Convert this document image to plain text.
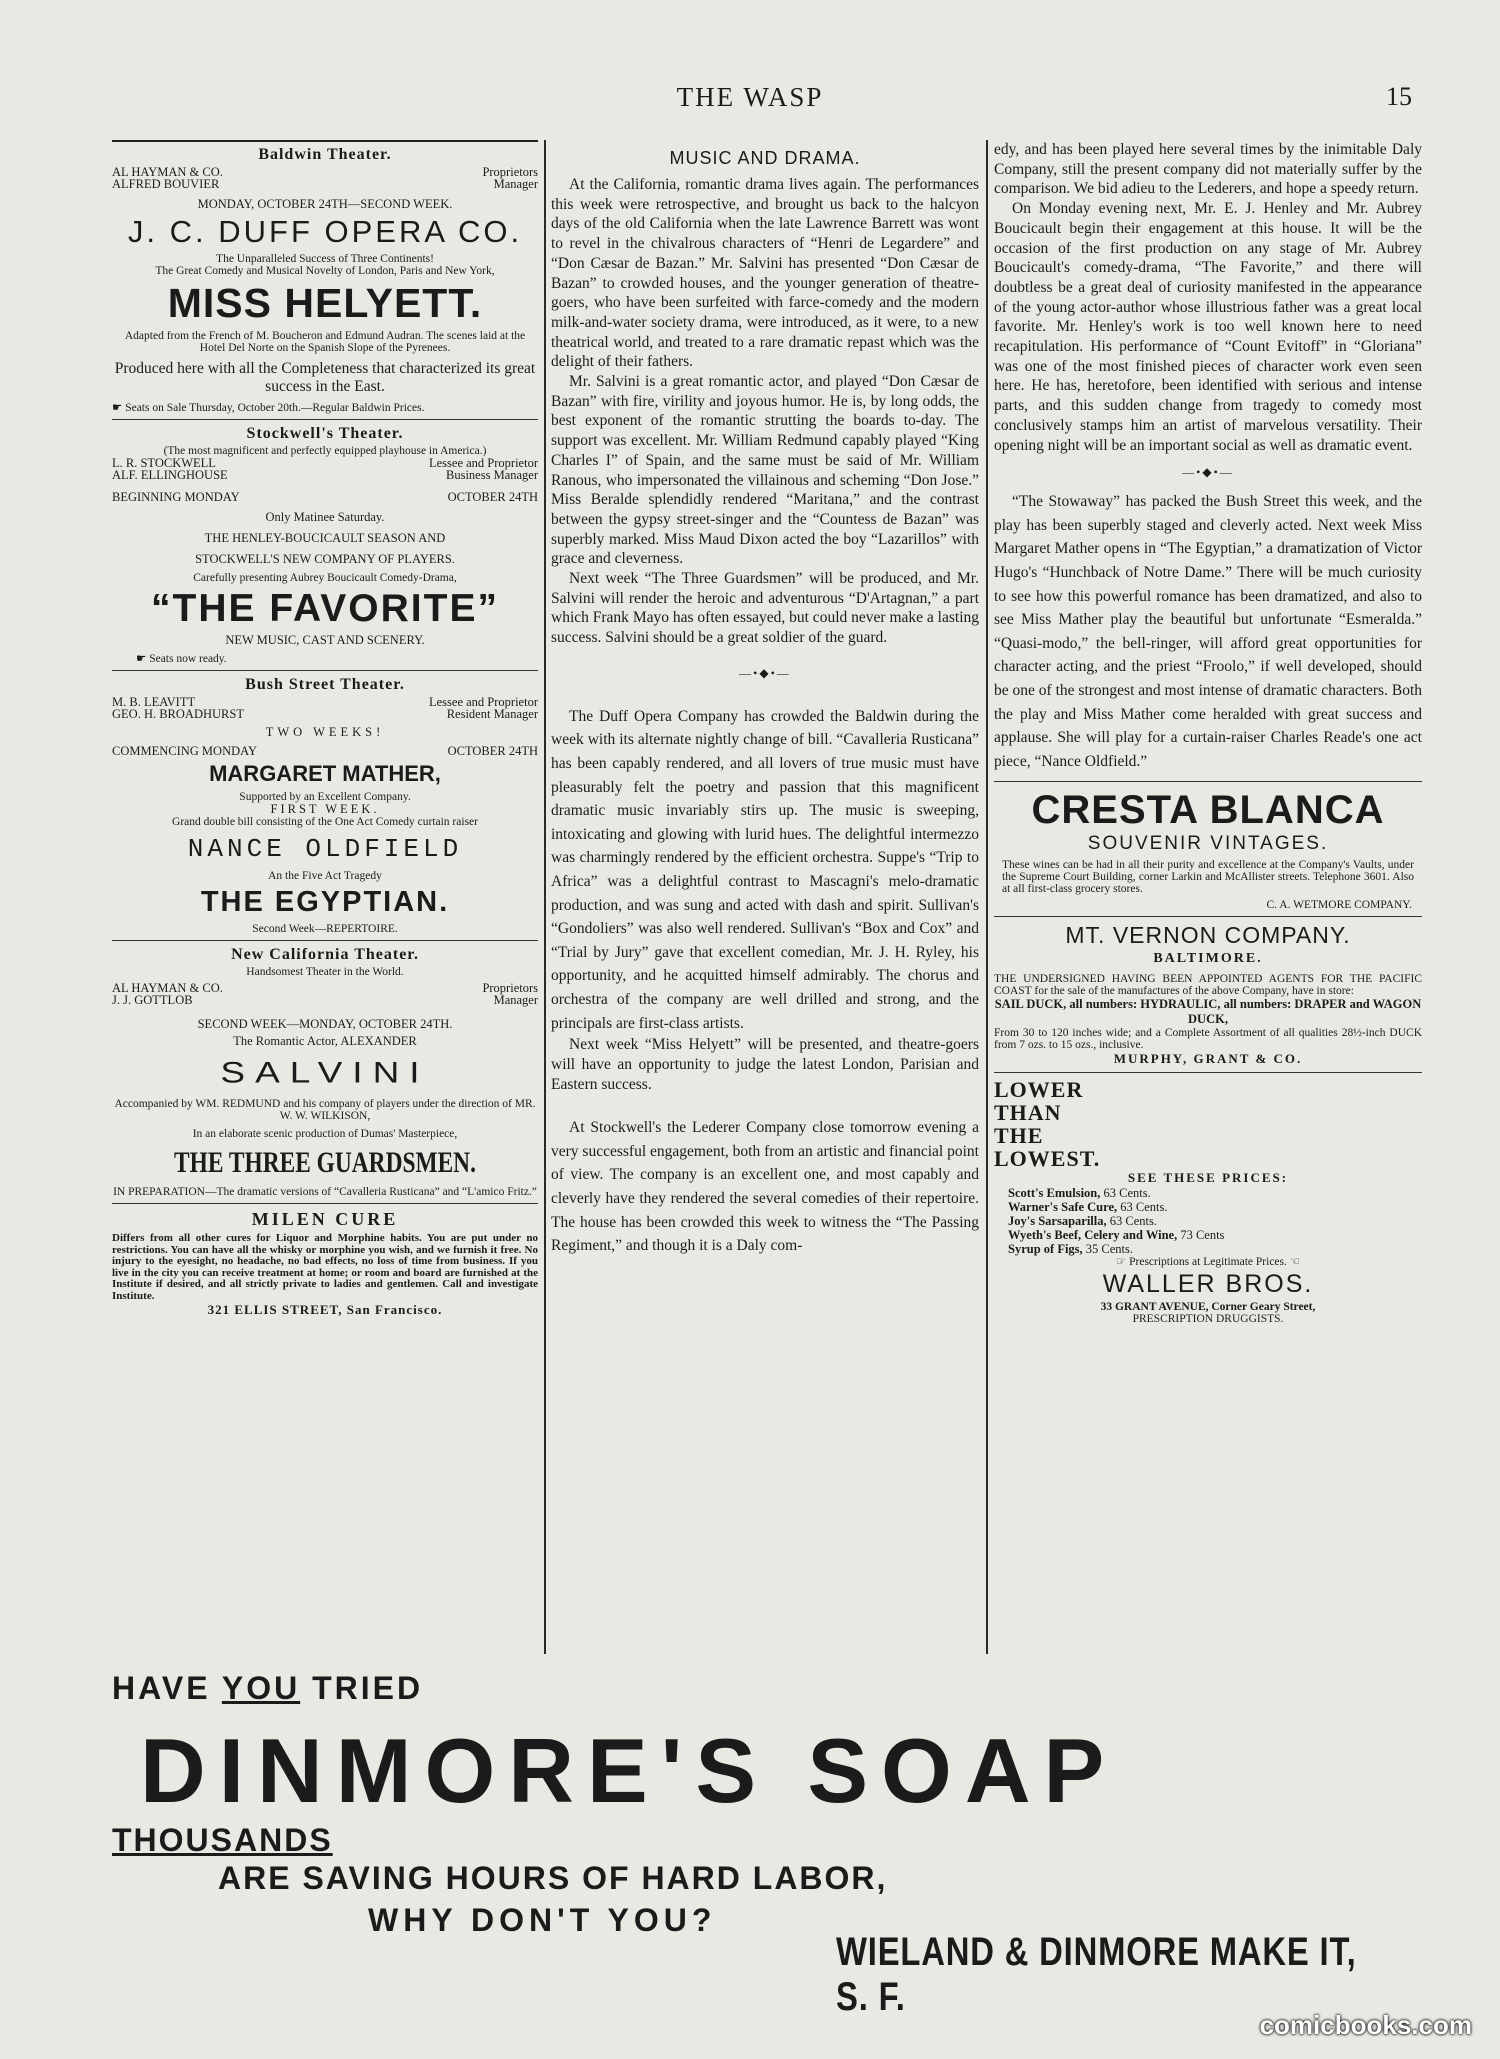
THE WASP	15
Baldwin Theater.
AL HAYMAN & CO.	Proprietors
ALFRED BOUVIER	Manager
MONDAY, OCTOBER 24TH—SECOND WEEK.
J. C. DUFF OPERA CO.
The Unparalleled Success of Three Continents!
The Great Comedy and Musical Novelty of London, Paris and New York,
MISS HELYETT.
Adapted from the French of M. Boucheron and Edmund Audran. The scenes laid at the Hotel Del Norte on the Spanish Slope of the Pyrenees.
Produced here with all the Completeness that characterized its great success in the East.
☛ Seats on Sale Thursday, October 20th.—Regular Baldwin Prices.
Stockwell's Theater.
(The most magnificent and perfectly equipped playhouse in America.)
L. R. STOCKWELL	Lessee and Proprietor
ALF. ELLINGHOUSE	Business Manager
BEGINNING MONDAY	OCTOBER 24TH
Only Matinee Saturday.
THE HENLEY-BOUCICAULT SEASON AND
STOCKWELL'S NEW COMPANY OF PLAYERS.
Carefully presenting Aubrey Boucicault Comedy-Drama,
“THE FAVORITE”
NEW MUSIC, CAST AND SCENERY.
☛ Seats now ready.
Bush Street Theater.
M. B. LEAVITT	Lessee and Proprietor
GEO. H. BROADHURST	Resident Manager
TWO WEEKS!
COMMENCING MONDAY	OCTOBER 24TH
MARGARET MATHER,
Supported by an Excellent Company.
FIRST WEEK.
Grand double bill consisting of the One Act Comedy curtain raiser
NANCE OLDFIELD
An the Five Act Tragedy
THE EGYPTIAN.
Second Week—REPERTOIRE.
New California Theater.
Handsomest Theater in the World.
AL HAYMAN & CO.	Proprietors
J. J. GOTTLOB	Manager
SECOND WEEK—MONDAY, OCTOBER 24TH.
The Romantic Actor, ALEXANDER
SALVINI
Accompanied by WM. REDMUND and his company of players under the direction of MR. W. W. WILKISON,
In an elaborate scenic production of Dumas' Masterpiece,
THE THREE GUARDSMEN.
IN PREPARATION—The dramatic versions of “Cavalleria Rusticana” and “L'amico Fritz.”
MILEN CURE
Differs from all other cures for Liquor and Morphine habits. You are put under no restrictions. You can have all the whisky or morphine you wish, and we furnish it free. No injury to the eyesight, no headache, no bad effects, no loss of time from business. If you live in the city you can receive treatment at home; or room and board are furnished at the Institute if desired, and all strictly private to ladies and gentlemen. Call and investigate Institute.
321 ELLIS STREET, San Francisco.
MUSIC AND DRAMA.

At the California, romantic drama lives again. The performances this week were retrospective, and brought us back to the halcyon days of the old California when the late Lawrence Barrett was wont to revel in the chivalrous characters of “Henri de Legardere” and “Don Cæsar de Bazan.” Mr. Salvini has presented “Don Cæsar de Bazan” to crowded houses, and the younger generation of theatre-goers, who have been surfeited with farce-comedy and the modern milk-and-water society drama, were introduced, as it were, to a new theatrical world, and treated to a rare dramatic repast which was the delight of their fathers.

Mr. Salvini is a great romantic actor, and played “Don Cæsar de Bazan” with fire, virility and joyous humor. He is, by long odds, the best exponent of the romantic strutting the boards to-day. The support was excellent. Mr. William Redmund capably played “King Charles I” of Spain, and the same must be said of Mr. William Ranous, who impersonated the villainous and scheming “Don Jose.” Miss Beralde splendidly rendered “Maritana,” and the contrast between the gypsy street-singer and the “Countess de Bazan” was superbly marked. Miss Maud Dixon acted the boy “Lazarillos” with grace and cleverness.

Next week “The Three Guardsmen” will be produced, and Mr. Salvini will render the heroic and adventurous “D'Artagnan,” a part which Frank Mayo has often essayed, but could never make a lasting success. Salvini should be a great soldier of the guard.

—•◆•—

The Duff Opera Company has crowded the Baldwin during the week with its alternate nightly change of bill. “Cavalleria Rusticana” has been capably rendered, and all lovers of true music must have pleasurably felt the poetry and passion that this magnificent dramatic music invariably stirs up. The music is sweeping, intoxicating and glowing with lurid hues. The delightful intermezzo was charmingly rendered by the efficient orchestra. Suppe's “Trip to Africa” was a delightful contrast to Mascagni's melo-dramatic production, and was sung and acted with dash and spirit. Sullivan's “Gondoliers” was also well rendered. Sullivan's “Box and Cox” and “Trial by Jury” gave that excellent comedian, Mr. J. H. Ryley, his opportunity, and he acquitted himself admirably. The chorus and orchestra of the company are well drilled and strong, and the principals are first-class artists.

Next week “Miss Helyett” will be presented, and theatre-goers will have an opportunity to judge the latest London, Parisian and Eastern success.

At Stockwell's the Lederer Company close tomorrow evening a very successful engagement, both from an artistic and financial point of view. The company is an excellent one, and most capably and cleverly have they rendered the several comedies of their repertoire. The house has been crowded this week to witness the “The Passing Regiment,” and though it is a Daly com-

edy, and has been played here several times by the inimitable Daly Company, still the present company did not materially suffer by the comparison. We bid adieu to the Lederers, and hope a speedy return.

On Monday evening next, Mr. E. J. Henley and Mr. Aubrey Boucicault begin their engagement at this house. It will be the occasion of the first production on any stage of Mr. Aubrey Boucicault's comedy-drama, “The Favorite,” and there will doubtless be a great deal of curiosity manifested in the appearance of the young actor-author whose illustrious father was a great local favorite. Mr. Henley's work is too well known here to need recapitulation. His performance of “Count Evitoff” in “Gloriana” was one of the most finished pieces of character work even seen here. He has, heretofore, been identified with serious and intense parts, and this sudden change from tragedy to comedy most conclusively stamps him an artist of marvelous versatility. Their opening night will be an important social as well as dramatic event.

—•◆•—

“The Stowaway” has packed the Bush Street this week, and the play has been superbly staged and cleverly acted. Next week Miss Margaret Mather opens in “The Egyptian,” a dramatization of Victor Hugo's “Hunchback of Notre Dame.” There will be much curiosity to see how this powerful romance has been dramatized, and also to see Miss Mather play the beautiful but unfortunate “Esmeralda.” “Quasi-modo,” the bell-ringer, will afford great opportunities for character acting, and the priest “Froolo,” if well developed, should be one of the strongest and most intense of dramatic characters. Both the play and Miss Mather come heralded with great success and applause. She will play for a curtain-raiser Charles Reade's one act piece, “Nance Oldfield.”

CRESTA BLANCA
SOUVENIR VINTAGES.
These wines can be had in all their purity and excellence at the Company's Vaults, under the Supreme Court Building, corner Larkin and McAllister streets. Telephone 3601. Also at all first-class grocery stores.
C. A. WETMORE COMPANY.
MT. VERNON COMPANY.
BALTIMORE.
THE UNDERSIGNED HAVING BEEN APPOINTED AGENTS FOR THE PACIFIC COAST for the sale of the manufactures of the above Company, have in store:
SAIL DUCK, all numbers: HYDRAULIC, all numbers: DRAPER and WAGON DUCK,
From 30 to 120 inches wide; and a Complete Assortment of all qualities 28½-inch DUCK from 7 ozs. to 15 ozs., inclusive.
MURPHY, GRANT & CO.
LOWER
THAN
THE
LOWEST.
SEE THESE PRICES:
Scott's Emulsion, 63 Cents.
Warner's Safe Cure, 63 Cents.
Joy's Sarsaparilla, 63 Cents.
Wyeth's Beef, Celery and Wine, 73 Cents
Syrup of Figs, 35 Cents.
☞ Prescriptions at Legitimate Prices. ☜
WALLER BROS.
33 GRANT AVENUE, Corner Geary Street,
PRESCRIPTION DRUGGISTS.
HAVE YOU TRIED
DINMORE'S SOAP
THOUSANDS
ARE SAVING HOURS OF HARD LABOR,
WHY DON'T YOU?
WIELAND & DINMORE MAKE IT, S. F.
comicbooks.com
